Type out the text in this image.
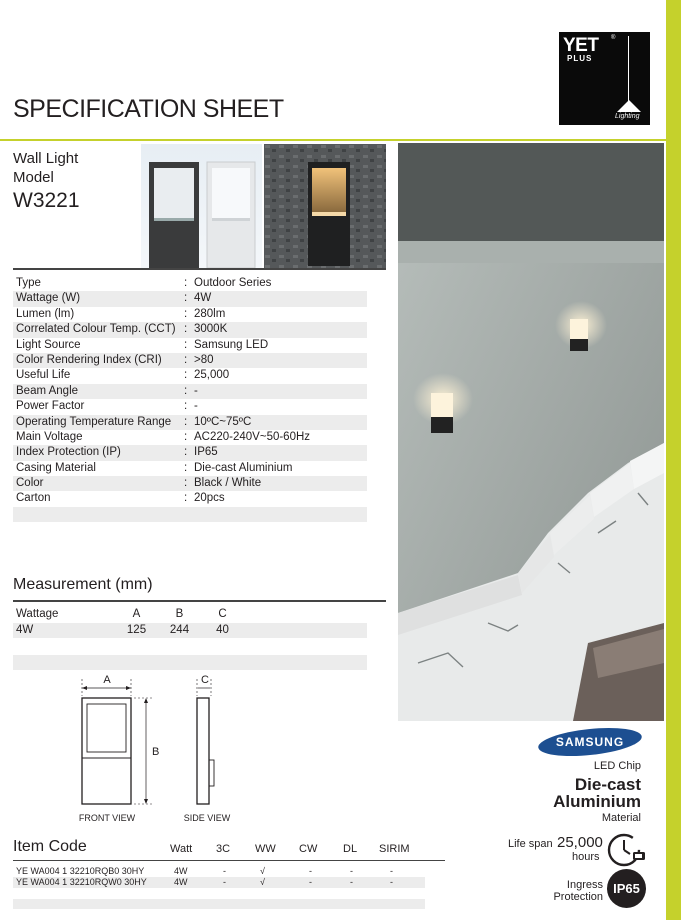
SPECIFICATION SHEET
YET ®
PLUS
Lighting
Wall Light
Model
W3221
Type	: Outdoor Series
Wattage (W)	: 4W
Lumen (lm)	: 280lm
Correlated Colour Temp. (CCT) : 3000K
Light Source	: Samsung LED
Color Rendering Index (CRI)	: >80
Useful Life	: 25,000
Beam Angle	: -
Power Factor	: -
Operating Temperature Range	: 10ºC~75ºC
Main Voltage	: AC220-240V~50-60Hz
Index Protection (IP)	: IP65
Casing Material	: Die-cast Aluminium
Color	: Black / White
Carton	: 20pcs
Measurement (mm)
Wattage	A	B	C
4W	125	244	40
A
B
C
FRONT VIEW	SIDE VIEW
Item Code	Watt 3C WW CW DL SIRIM
YE WA004 1 32210RQB0 30HY	4W	-	√	-	-	-
YE WA004 1 32210RQW0 30HY	4W	-	√	-	-	-
SAMSUNG
LED Chip
Die-cast
Aluminium
Material
Life span 25,000
hours
Ingress
Protection
IP65
